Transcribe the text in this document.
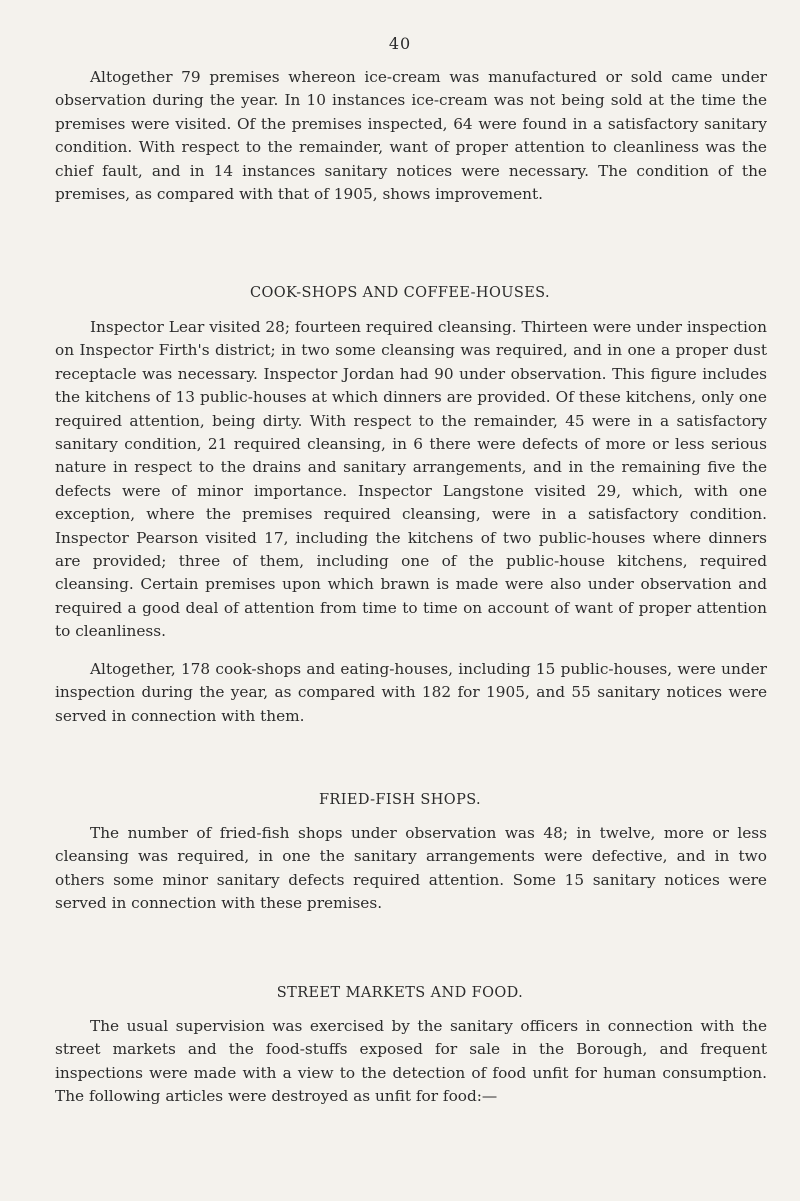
40

Altogether 79 premises whereon ice-cream was manufactured or sold came under observation during the year. In 10 instances ice-cream was not being sold at the time the premises were visited. Of the premises inspected, 64 were found in a satisfactory sanitary condition. With respect to the remainder, want of proper attention to cleanliness was the chief fault, and in 14 instances sanitary notices were necessary. The condition of the premises, as compared with that of 1905, shows improvement.

COOK-SHOPS AND COFFEE-HOUSES.

Inspector Lear visited 28; fourteen required cleansing. Thirteen were under inspection on Inspector Firth's district; in two some cleansing was required, and in one a proper dust receptacle was necessary. Inspector Jordan had 90 under observation. This figure includes the kitchens of 13 public-houses at which dinners are provided. Of these kitchens, only one required attention, being dirty. With respect to the remainder, 45 were in a satisfactory sanitary condition, 21 required cleansing, in 6 there were defects of more or less serious nature in respect to the drains and sanitary arrangements, and in the remaining five the defects were of minor importance. Inspector Langstone visited 29, which, with one exception, where the premises required cleansing, were in a satisfactory condition. Inspector Pearson visited 17, including the kitchens of two public-houses where dinners are provided; three of them, including one of the public-house kitchens, required cleansing. Certain premises upon which brawn is made were also under observation and required a good deal of attention from time to time on account of want of proper attention to cleanliness.

Altogether, 178 cook-shops and eating-houses, including 15 public-houses, were under inspection during the year, as compared with 182 for 1905, and 55 sanitary notices were served in connection with them.

FRIED-FISH SHOPS.

The number of fried-fish shops under observation was 48; in twelve, more or less cleansing was required, in one the sanitary arrangements were defective, and in two others some minor sanitary defects required attention. Some 15 sanitary notices were served in connection with these premises.

STREET MARKETS AND FOOD.

The usual supervision was exercised by the sanitary officers in connection with the street markets and the food-stuffs exposed for sale in the Borough, and frequent inspections were made with a view to the detection of food unfit for human consumption. The following articles were destroyed as unfit for food:—
